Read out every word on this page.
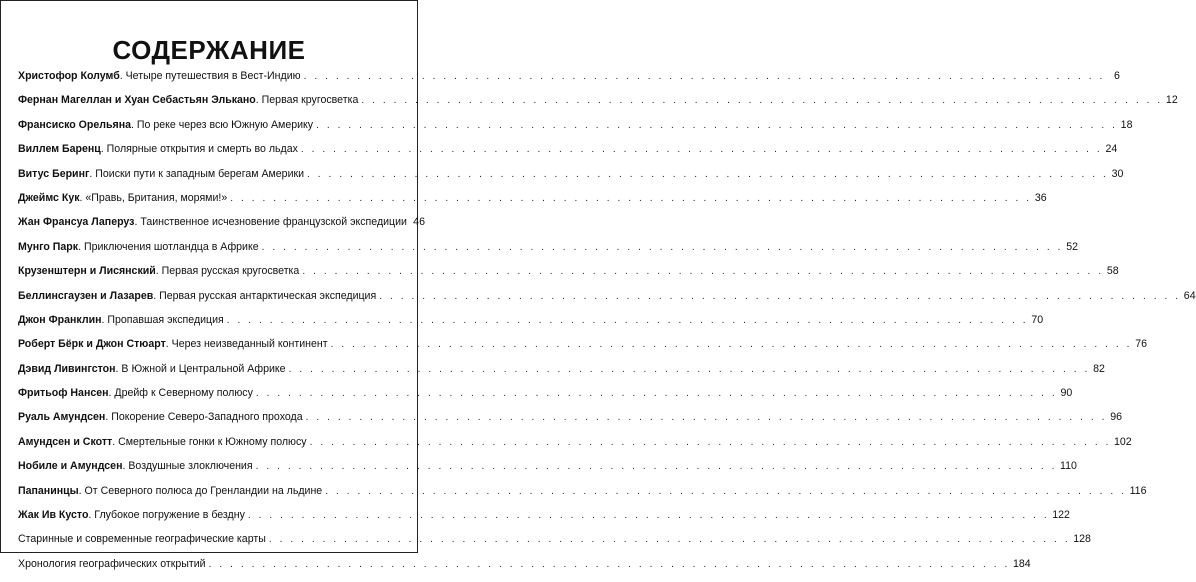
СОДЕРЖАНИЕ
Христофор Колумб . Четыре путешествия в Вест-Индию . . .	6
Фернан Магеллан и Хуан Себастьян Элькано . Первая кругосветка . . .	12
Франсиско Орельяна . По реке через всю Южную Америку . . .	18
Виллем Баренц . Полярные открытия и смерть во льдах . . .	24
Витус Беринг . Поиски пути к западным берегам Америки . . .	30
Джеймс Кук . «Правь, Британия, морями!» . . .	36
Жан Франсуа Лаперуз . Таинственное исчезновение французской экспедиции 46
Мунго Парк . Приключения шотландца в Африке . . .	52
Крузенштерн и Лисянский . Первая русская кругосветка . . .	58
Беллинсгаузен и Лазарев . Первая русская антарктическая экспедиция . . .	64
Джон Франклин . Пропавшая экспедиция . . .	70
Роберт Бёрк и Джон Стюарт . Через неизведанный континент . . .	76
Дэвид Ливингстон . В Южной и Центральной Африке . . .	82
Фритьоф Нансен . Дрейф к Северному полюсу . . .	90
Руаль Амундсен . Покорение Северо-Западного прохода . . .	96
Амундсен и Скотт . Смертельные гонки к Южному полюсу . . .	102
Нобиле и Амундсен . Воздушные злоключения . . .	110
Папанинцы . От Северного полюса до Гренландии на льдине . . .	116
Жак Ив Кусто . Глубокое погружение в бездну . . .	122
Старинные и современные географические карты . . .	128
Хронология географических открытий . . .	184
